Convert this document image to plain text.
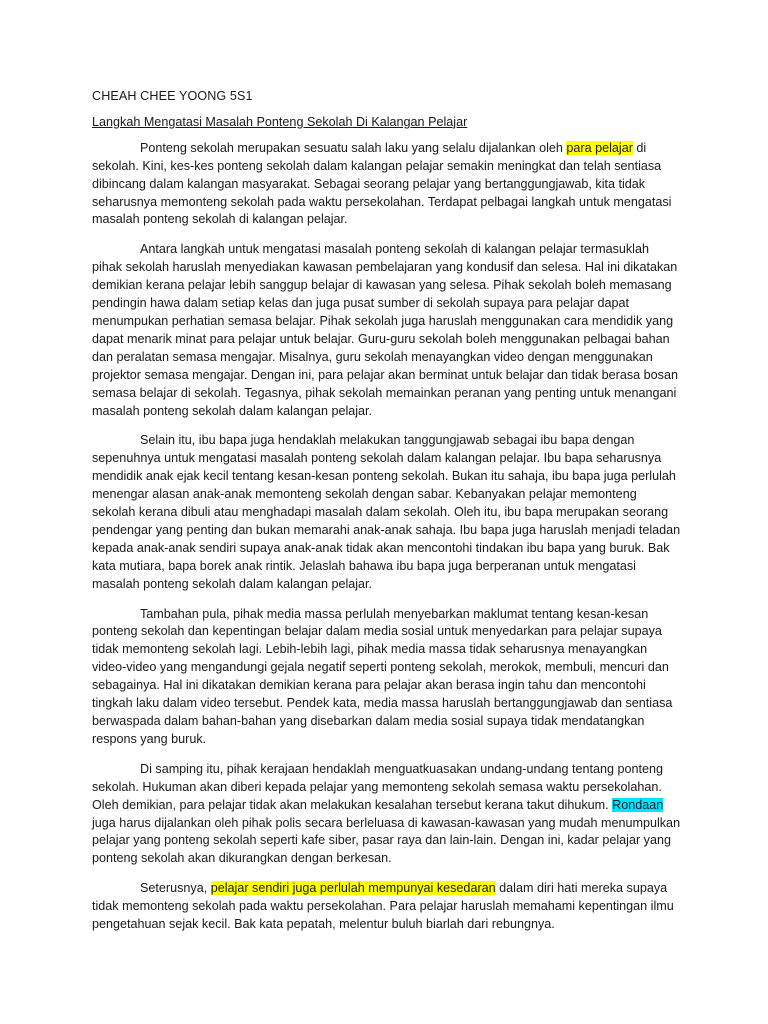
CHEAH CHEE YOONG 5S1

Langkah Mengatasi Masalah Ponteng Sekolah Di Kalangan Pelajar

Ponteng sekolah merupakan sesuatu salah laku yang selalu dijalankan oleh para pelajar di sekolah. Kini, kes-kes ponteng sekolah dalam kalangan pelajar semakin meningkat dan telah sentiasa dibincang dalam kalangan masyarakat. Sebagai seorang pelajar yang bertanggungjawab, kita tidak seharusnya memonteng sekolah pada waktu persekolahan. Terdapat pelbagai langkah untuk mengatasi masalah ponteng sekolah di kalangan pelajar.

Antara langkah untuk mengatasi masalah ponteng sekolah di kalangan pelajar termasuklah pihak sekolah haruslah menyediakan kawasan pembelajaran yang kondusif dan selesa. Hal ini dikatakan demikian kerana pelajar lebih sanggup belajar di kawasan yang selesa. Pihak sekolah boleh memasang pendingin hawa dalam setiap kelas dan juga pusat sumber di sekolah supaya para pelajar dapat menumpukan perhatian semasa belajar. Pihak sekolah juga haruslah menggunakan cara mendidik yang dapat menarik minat para pelajar untuk belajar. Guru-guru sekolah boleh menggunakan pelbagai bahan dan peralatan semasa mengajar. Misalnya, guru sekolah menayangkan video dengan menggunakan projektor semasa mengajar. Dengan ini, para pelajar akan berminat untuk belajar dan tidak berasa bosan semasa belajar di sekolah. Tegasnya, pihak sekolah memainkan peranan yang penting untuk menangani masalah ponteng sekolah dalam kalangan pelajar.

Selain itu, ibu bapa juga hendaklah melakukan tanggungjawab sebagai ibu bapa dengan sepenuhnya untuk mengatasi masalah ponteng sekolah dalam kalangan pelajar. Ibu bapa seharusnya mendidik anak ejak kecil tentang kesan-kesan ponteng sekolah. Bukan itu sahaja, ibu bapa juga perlulah menengar alasan anak-anak memonteng sekolah dengan sabar. Kebanyakan pelajar memonteng sekolah kerana dibuli atau menghadapi masalah dalam sekolah. Oleh itu, ibu bapa merupakan seorang pendengar yang penting dan bukan memarahi anak-anak sahaja. Ibu bapa juga haruslah menjadi teladan kepada anak-anak sendiri supaya anak-anak tidak akan mencontohi tindakan ibu bapa yang buruk. Bak kata mutiara, bapa borek anak rintik. Jelaslah bahawa ibu bapa juga berperanan untuk mengatasi masalah ponteng sekolah dalam kalangan pelajar.

Tambahan pula, pihak media massa perlulah menyebarkan maklumat tentang kesan-kesan ponteng sekolah dan kepentingan belajar dalam media sosial untuk menyedarkan para pelajar supaya tidak memonteng sekolah lagi. Lebih-lebih lagi, pihak media massa tidak seharusnya menayangkan video-video yang mengandungi gejala negatif seperti ponteng sekolah, merokok, membuli, mencuri dan sebagainya. Hal ini dikatakan demikian kerana para pelajar akan berasa ingin tahu dan mencontohi tingkah laku dalam video tersebut. Pendek kata, media massa haruslah bertanggungjawab dan sentiasa berwaspada dalam bahan-bahan yang disebarkan dalam media sosial supaya tidak mendatangkan respons yang buruk.

Di samping itu, pihak kerajaan hendaklah menguatkuasakan undang-undang tentang ponteng sekolah. Hukuman akan diberi kepada pelajar yang memonteng sekolah semasa waktu persekolahan. Oleh demikian, para pelajar tidak akan melakukan kesalahan tersebut kerana takut dihukum. Rondaan juga harus dijalankan oleh pihak polis secara berleluasa di kawasan-kawasan yang mudah menumpulkan pelajar yang ponteng sekolah seperti kafe siber, pasar raya dan lain-lain. Dengan ini, kadar pelajar yang ponteng sekolah akan dikurangkan dengan berkesan.

Seterusnya, pelajar sendiri juga perlulah mempunyai kesedaran dalam diri hati mereka supaya tidak memonteng sekolah pada waktu persekolahan. Para pelajar haruslah memahami kepentingan ilmu pengetahuan sejak kecil. Bak kata pepatah, melentur buluh biarlah dari rebungnya.
